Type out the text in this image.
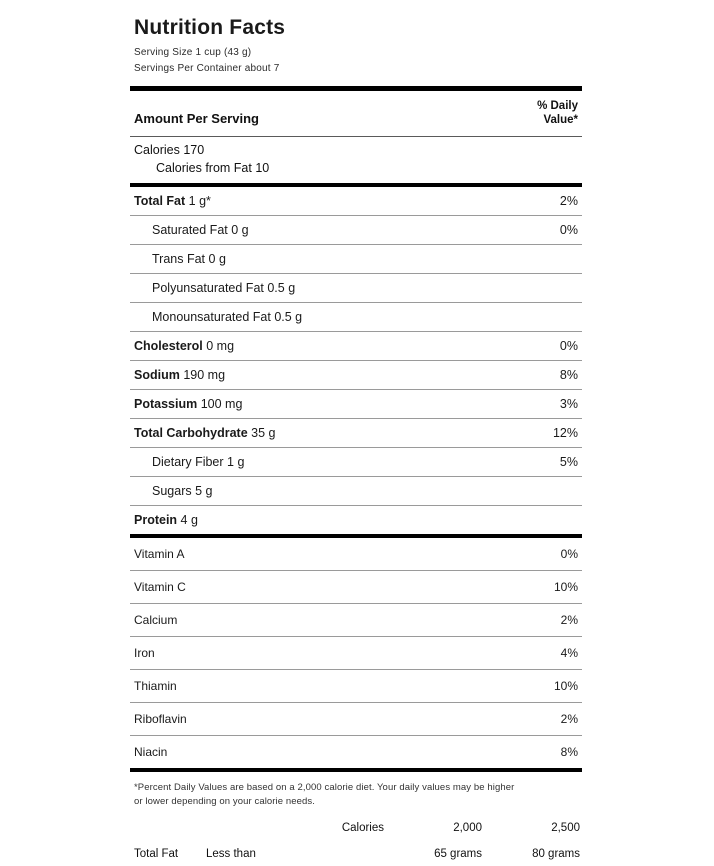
Nutrition Facts
Serving Size 1 cup (43 g)
Servings Per Container about 7
Amount Per Serving
% Daily
Value*
Calories 170
Calories from Fat 10
Total Fat 1 g*	2%
Saturated Fat 0 g	0%
Trans Fat 0 g
Polyunsaturated Fat 0.5 g
Monounsaturated Fat 0.5 g
Cholesterol 0 mg	0%
Sodium 190 mg	8%
Potassium 100 mg	3%
Total Carbohydrate 35 g	12%
Dietary Fiber 1 g	5%
Sugars 5 g
Protein 4 g
Vitamin A	0%
Vitamin C	10%
Calcium	2%
Iron	4%
Thiamin	10%
Riboflavin	2%
Niacin	8%
*Percent Daily Values are based on a 2,000 calorie diet. Your daily values may be higher
or lower depending on your calorie needs.
		Calories	2,000	2,500
Total Fat	Less than		65 grams	80 grams
